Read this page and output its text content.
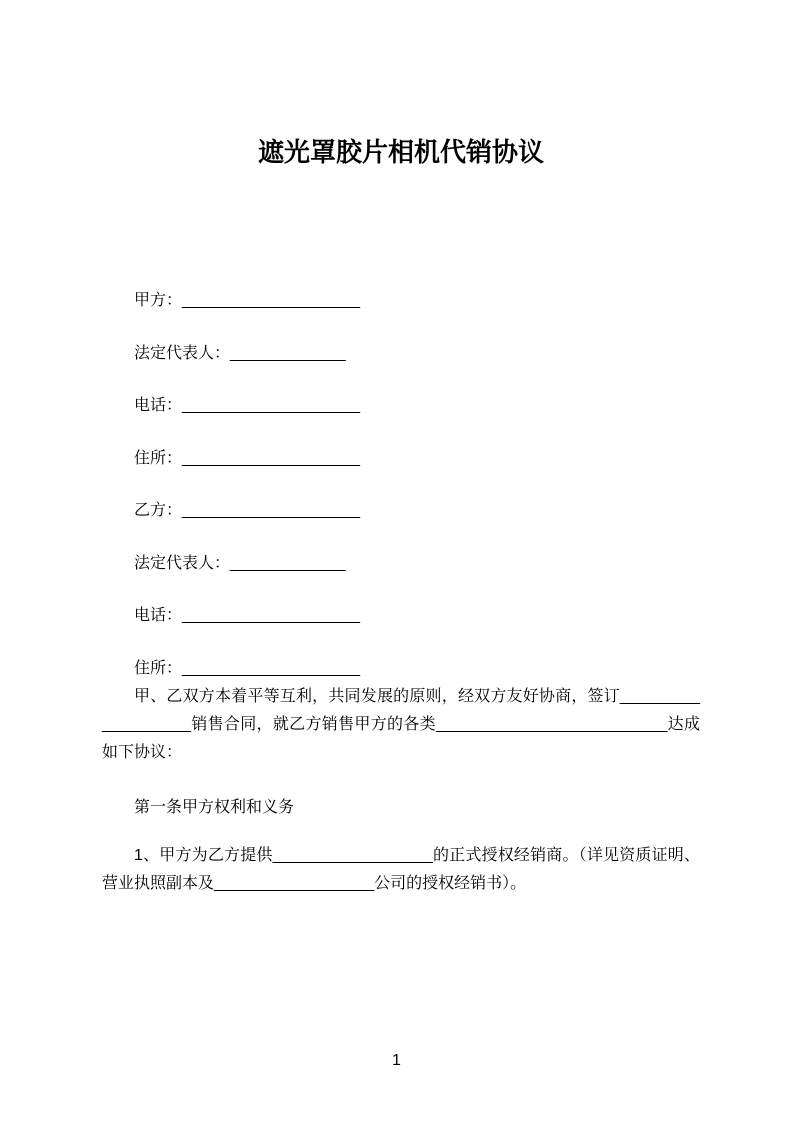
遮光罩胶片相机代销协议
甲方：____________________
法定代表人：_____________
电话：____________________
住所：____________________
乙方：____________________
法定代表人：_____________
电话：____________________
住所：____________________

甲、乙双方本着平等互利，共同发展的原则，经双方友好协商，签订___________________销售合同，就乙方销售甲方的各类__________________________达成如下协议：

第一条甲方权利和义务

1、甲方为乙方提供__________________的正式授权经销商。（详见资质证明、营业执照副本及__________________公司的授权经销书）。

1
